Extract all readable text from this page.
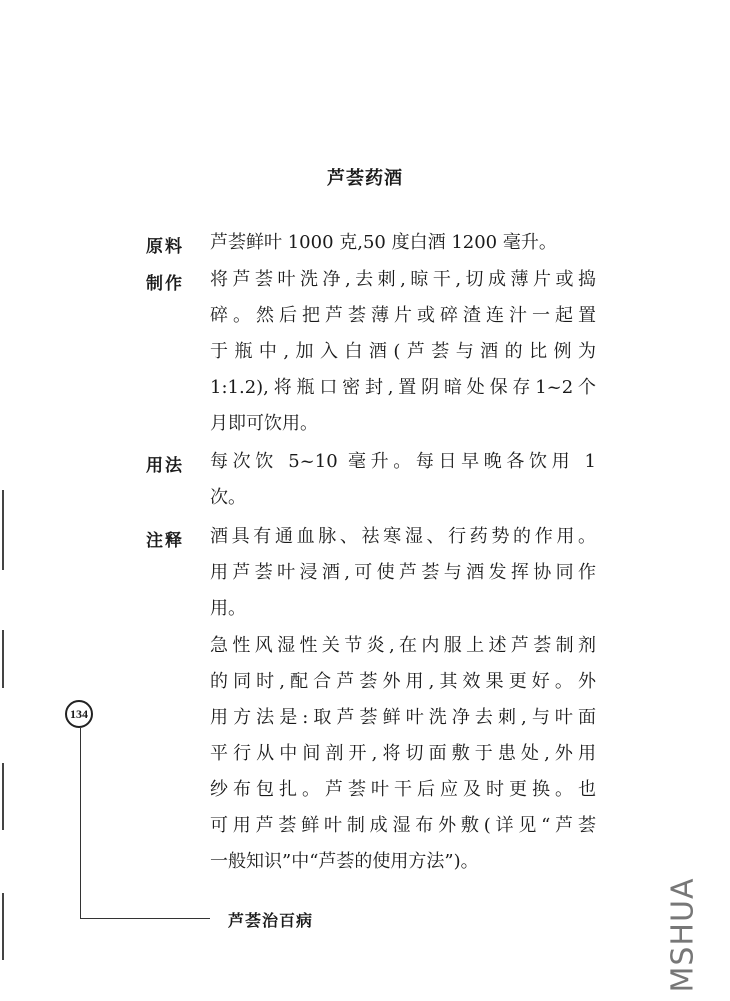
芦荟药酒
原料 芦荟鲜叶 1000 克,50 度白酒 1200 毫升。
制作 将芦荟叶洗净,去刺,晾干,切成薄片或捣
碎。然后把芦荟薄片或碎渣连汁一起置
于瓶中,加入白酒(芦荟与酒的比例为
1:1.2),将瓶口密封,置阴暗处保存1~2个
月即可饮用。
用法 每次饮 5~10 毫升。每日早晚各饮用 1
次。
注释 酒具有通血脉、祛寒湿、行药势的作用。
用芦荟叶浸酒,可使芦荟与酒发挥协同作
用。
急性风湿性关节炎,在内服上述芦荟制剂
的同时,配合芦荟外用,其效果更好。外
用方法是:取芦荟鲜叶洗净去刺,与叶面
平行从中间剖开,将切面敷于患处,外用
纱布包扎。芦荟叶干后应及时更换。也
可用芦荟鲜叶制成湿布外敷(详见“芦荟
一般知识”中“芦荟的使用方法”)。
134
芦荟治百病	MSHUA
